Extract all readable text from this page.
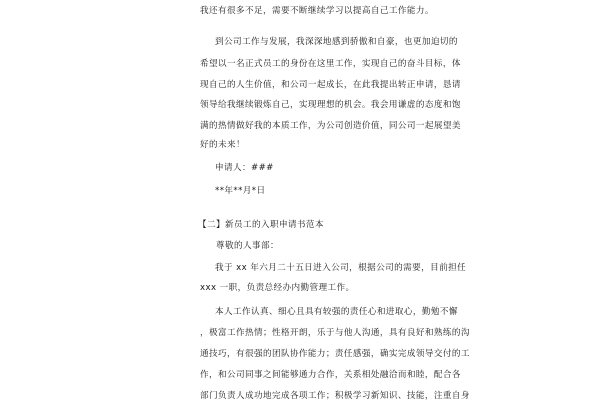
我还有很多不足，需要不断继续学习以提高自己工作能力。
到公司工作与发展，我深深地感到骄傲和自豪，也更加迫切的
希望以一名正式员工的身份在这里工作，实现自己的奋斗目标，体
现自己的人生价值，和公司一起成长，在此我提出转正申请，恳请
领导给我继续锻炼自己，实现理想的机会。我会用谦虚的态度和饱
满的热情做好我的本质工作，为公司创造价值，同公司一起展望美
好的未来！
申请人：###
**年**月*日
【二】新员工的入职申请书范本
尊敬的人事部：
我于 xx 年六月二十五日进入公司，根据公司的需要，目前担任
xxx 一职，负责总经办内勤管理工作。
本人工作认真、细心且具有较强的责任心和进取心，勤勉不懈
，极富工作热情；性格开朗，乐于与他人沟通，具有良好和熟练的沟
通技巧，有很强的团队协作能力；责任感强，确实完成领导交付的工
作，和公司同事之间能够通力合作，关系相处融洽而和睦，配合各
部门负责人成功地完成各项工作；积极学习新知识、技能，注重自身
